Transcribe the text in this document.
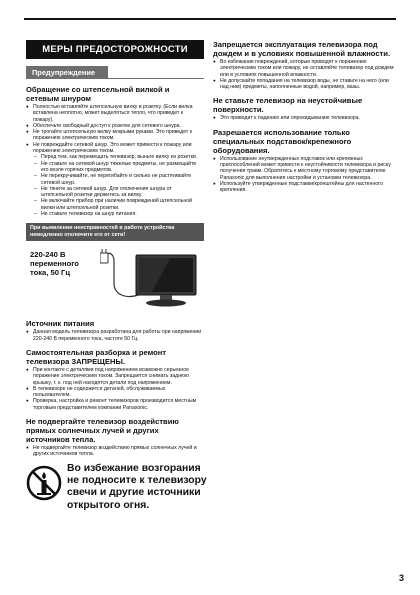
МЕРЫ ПРЕДОСТОРОЖНОСТИ
Предупреждение
Обращение со штепсельной вилкой и сетевым шнуром
● Полностью вставляйте штепсельную вилку в розетку. (Если вилка вставлена неплотно, может выделяться тепло, что приведет к пожару).
● Обеспечьте свободный доступ к розетке для сетевого шнура.
● Не трогайте штепсельную вилку мокрыми руками. Это приведет к поражению электрическим током.
● Не повреждайте сетевой шнур. Это может привести к пожару или поражению электрическим током.
– Перед тем, как перемещать телевизор, выньте вилку из розетки.
– Не ставьте на сетевой шнур тяжелые предметы, не размещайте его возле горячих предметов.
– Не перекручивайте, не перегибайте и сильно не растягивайте сетевой шнур.
– Не тяните за сетевой шнур. Для отключения шнура от штепсельной розетки держитесь за вилку.
– Не включайте прибор при наличии повреждений штепсельной вилки или штепсельной розетки.
– Не ставьте телевизор на шнур питания.
При выявлении неисправностей в работе устройства немедленно отключите его от сети!
220-240 В переменного тока, 50 Гц
Источник питания
● Данная модель телевизора разработана для работы при напряжении 220-240 В переменного тока, частоте 50 Гц.
Самостоятельная разборка и ремонт телевизора ЗАПРЕЩЕНЫ.
● При контакте с деталями под напряжением возможно серьезное поражение электрическим током. Запрещается снимать заднюю крышку, т. к. под ней находятся детали под напряжением.
● В телевизоре не содержится деталей, обслуживаемых пользователем.
● Проверка, настройка и ремонт телевизоров производится местным торговым представителем компании Panasonic.
Не подвергайте телевизор воздействию прямых солнечных лучей и других источников тепла.
● Не подвергайте телевизор воздействию прямых солнечных лучей и других источников тепла.
Во избежание возгорания не подносите к телевизору свечи и другие источники открытого огня.
Запрещается эксплуатация телевизора под дождем и в условиях повышенной влажности.
● Во избежание повреждений, которые приводят к поражению электрическим током или пожару, не оставляйте телевизор под дождем или в условиях повышенной влажности.
● Не допускайте попадания на телевизор воды, не ставьте на него (или над ним) предметы, наполненные водой, например, вазы.
Не ставьте телевизор на неустойчивые поверхности.
● Это приводит к падению или опрокидыванию телевизора.
Разрешается использование только специальных подставок/крепежного оборудования.
● Использование неутвержденных подставок или крепежных приспособлений может привести к неустойчивости телевизора и риску получения травм. Обратитесь к местному торговому представителю Panasonic для выполнения настройки и установки телевизора.
● Используйте утвержденные подставки/кронштейны для настенного крепления.
3
